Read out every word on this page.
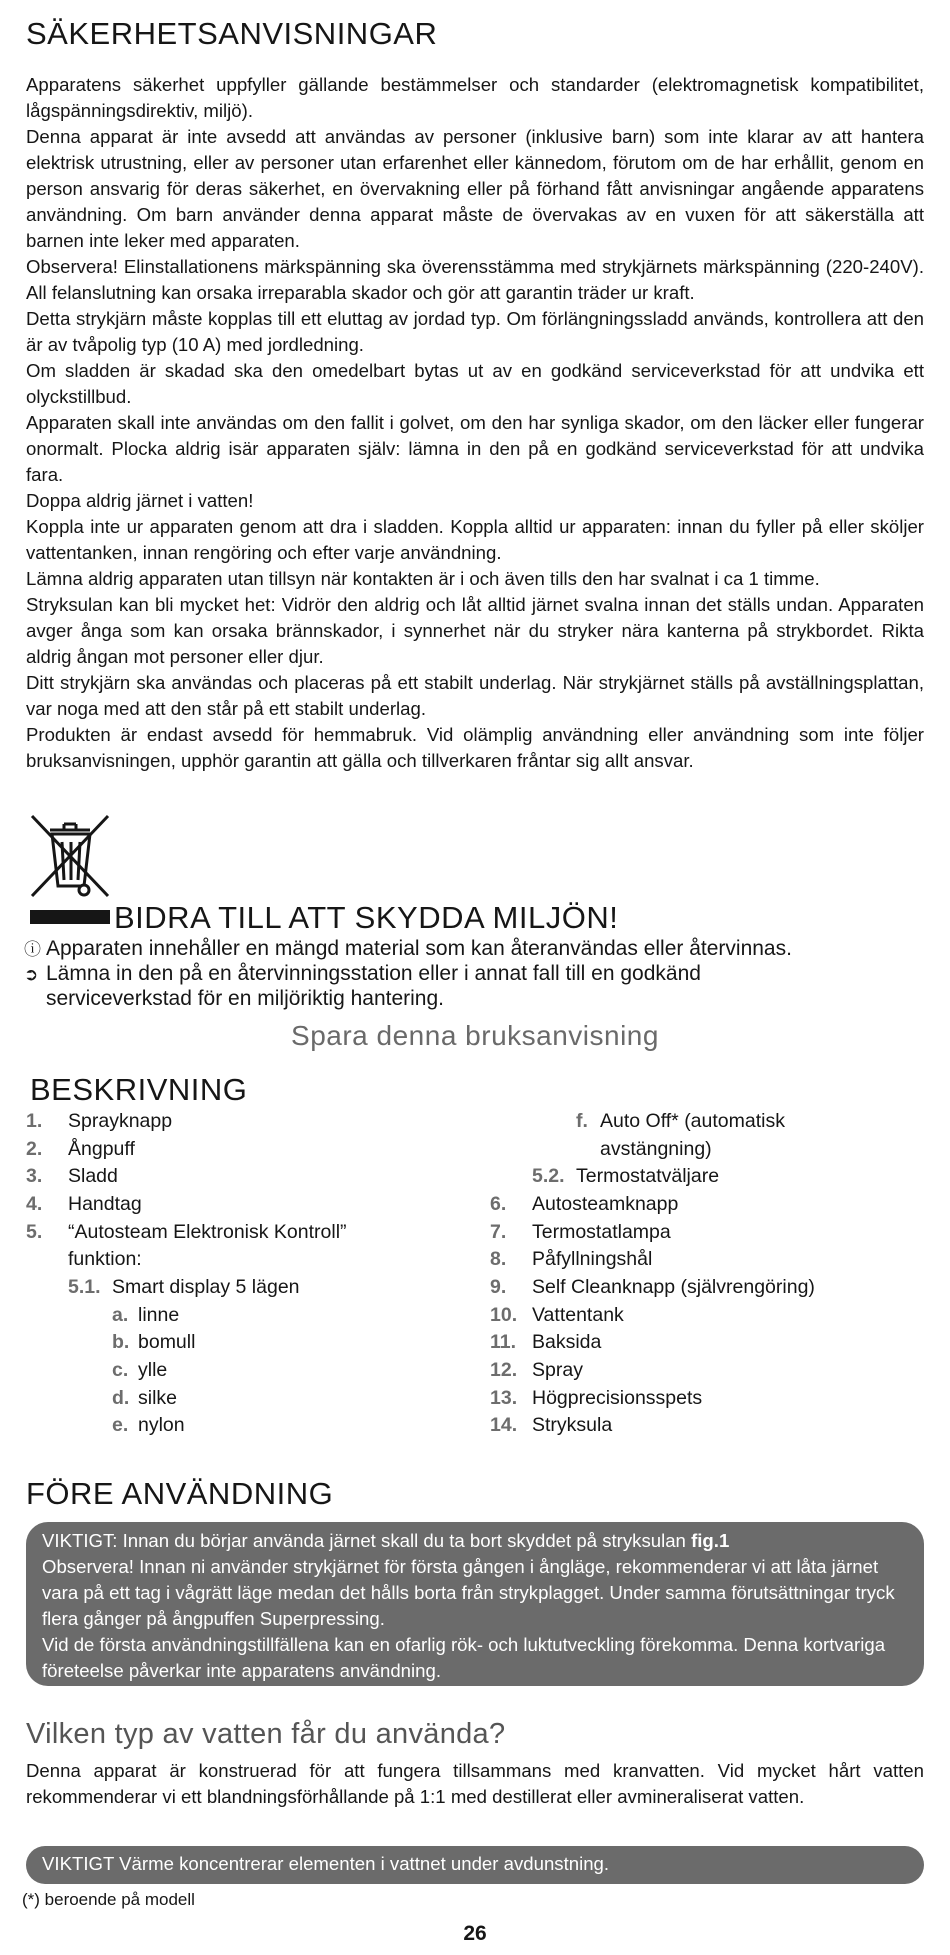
SÄKERHETSANVISNINGAR

Apparatens säkerhet uppfyller gällande bestämmelser och standarder (elektromagnetisk kompatibilitet, lågspänningsdirektiv, miljö).

Denna apparat är inte avsedd att användas av personer (inklusive barn) som inte klarar av att hantera elektrisk utrustning, eller av personer utan erfarenhet eller kännedom, förutom om de har erhållit, genom en person ansvarig för deras säkerhet, en övervakning eller på förhand fått anvisningar angående apparatens användning. Om barn använder denna apparat måste de övervakas av en vuxen för att säkerställa att barnen inte leker med apparaten.

Observera! Elinstallationens märkspänning ska överensstämma med strykjärnets märkspänning (220-240V). All felanslutning kan orsaka irreparabla skador och gör att garantin träder ur kraft.

Detta strykjärn måste kopplas till ett eluttag av jordad typ. Om förlängningssladd används, kontrollera att den är av tvåpolig typ (10 A) med jordledning.

Om sladden är skadad ska den omedelbart bytas ut av en godkänd serviceverkstad för att undvika ett olyckstillbud.

Apparaten skall inte användas om den fallit i golvet, om den har synliga skador, om den läcker eller fungerar onormalt. Plocka aldrig isär apparaten själv: lämna in den på en godkänd serviceverkstad för att undvika fara.

Doppa aldrig järnet i vatten!

Koppla inte ur apparaten genom att dra i sladden. Koppla alltid ur apparaten: innan du fyller på eller sköljer vattentanken, innan rengöring och efter varje användning.

Lämna aldrig apparaten utan tillsyn när kontakten är i och även tills den har svalnat i ca 1 timme.

Stryksulan kan bli mycket het: Vidrör den aldrig och låt alltid järnet svalna innan det ställs undan. Apparaten avger ånga som kan orsaka brännskador, i synnerhet när du stryker nära kanterna på strykbordet. Rikta aldrig ångan mot personer eller djur.

Ditt strykjärn ska användas och placeras på ett stabilt underlag. När strykjärnet ställs på avställningsplattan, var noga med att den står på ett stabilt underlag.

Produkten är endast avsedd för hemmabruk. Vid olämplig användning eller användning som inte följer bruksanvisningen, upphör garantin att gälla och tillverkaren fråntar sig allt ansvar.

BIDRA TILL ATT SKYDDA MILJÖN!
ⓘ Apparaten innehåller en mängd material som kan återanvändas eller återvinnas.
➲ Lämna in den på en återvinningsstation eller i annat fall till en godkänd
serviceverkstad för en miljöriktig hantering.
Spara denna bruksanvisning
BESKRIVNING
1. Sprayknapp
2. Ångpuff
3. Sladd
4. Handtag
5. “Autosteam Elektronisk Kontroll”
funktion:
5.1. Smart display 5 lägen
a. linne
b. bomull
c. ylle
d. silke
e. nylon
f. Auto Off* (automatisk
avstängning)
5.2. Termostatväljare
6. Autosteamknapp
7. Termostatlampa
8. Påfyllningshål
9. Self Cleanknapp (självrengöring)
10. Vattentank
11. Baksida
12. Spray
13. Högprecisionsspets
14. Stryksula
FÖRE ANVÄNDNING

VIKTIGT: Innan du börjar använda järnet skall du ta bort skyddet på stryksulan fig.1

Observera! Innan ni använder strykjärnet för första gången i ångläge, rekommenderar vi att låta järnet vara på ett tag i vågrätt läge medan det hålls borta från strykplagget. Under samma förutsättningar tryck flera gånger på ångpuffen Superpressing.

Vid de första användningstillfällena kan en ofarlig rök- och luktutveckling förekomma. Denna kortvariga företeelse påverkar inte apparatens användning.

Vilken typ av vatten får du använda?

Denna apparat är konstruerad för att fungera tillsammans med kranvatten. Vid mycket hårt vatten rekommenderar vi ett blandningsförhållande på 1:1 med destillerat eller avmineraliserat vatten.

VIKTIGT Värme koncentrerar elementen i vattnet under avdunstning.

(*) beroende på modell
26
